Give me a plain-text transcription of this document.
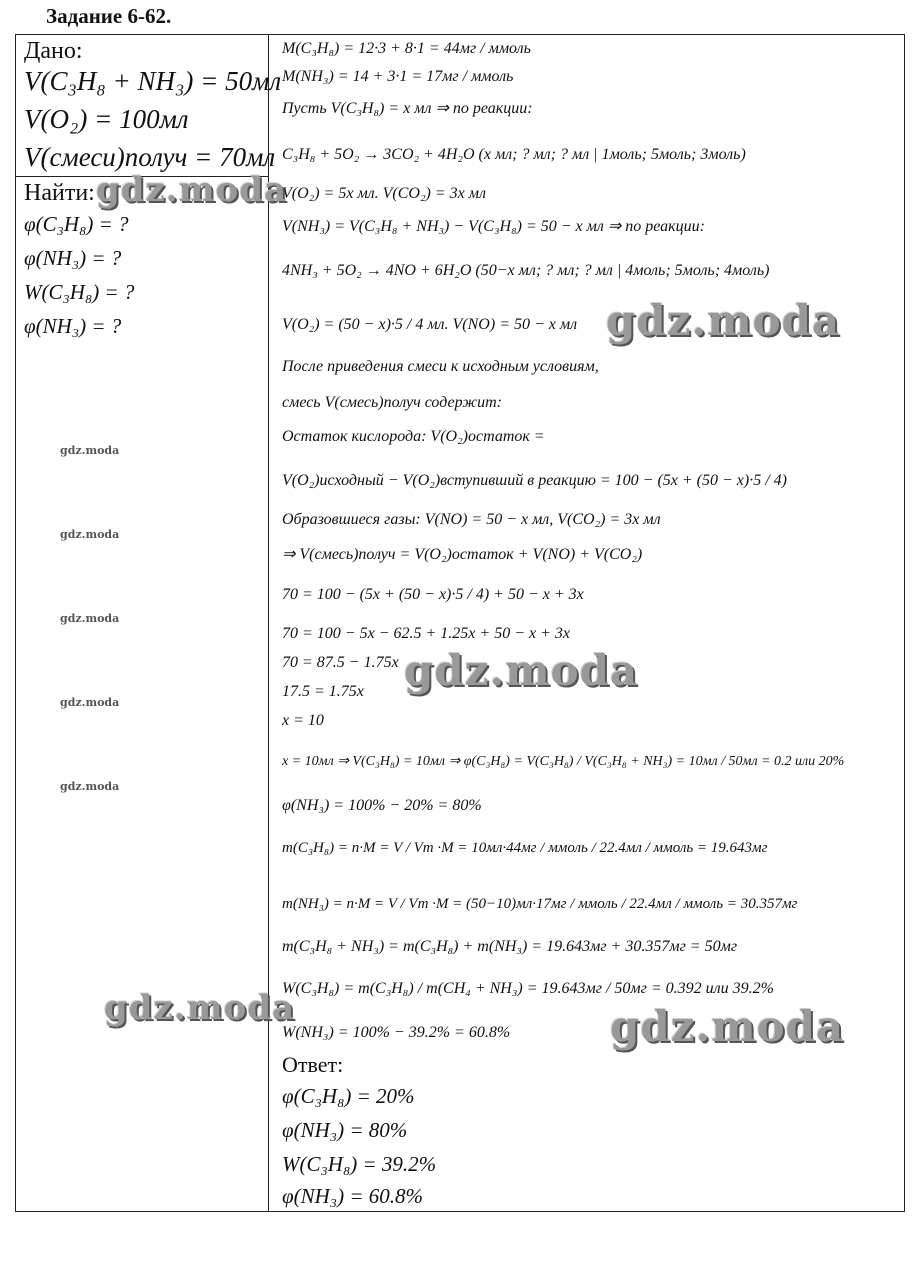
Задание 6-62.
Дано:
V(C₃H₈ + NH₃) = 50мл
V(O₂) = 100мл
V(смеси)получ = 70мл
Найти:
φ(C₃H₈) = ?
φ(NH₃) = ?
W(C₃H₈) = ?
φ(NH₃) = ?
M(C₃H₈) = 12·3 + 8·1 = 44мг / ммоль
M(NH₃) = 14 + 3·1 = 17мг / ммоль
Пусть V(C₃H₈) = x мл ⇒ по реакции:
C₃H₈ + 5O₂ → 3CO₂ + 4H₂O (x мл; ? мл; ? мл | 1моль; 5моль; 3моль)
V(O₂) = 5x мл. V(CO₂) = 3x мл
V(NH₃) = V(C₃H₈ + NH₃) − V(C₃H₈) = 50 − x мл ⇒ по реакции:
4NH₃ + 5O₂ → 4NO + 6H₂O (50−x мл; ? мл; ? мл | 4моль; 5моль; 4моль)
V(O₂) = (50 − x)·5 / 4 мл. V(NO) = 50 − x мл
После приведения смеси к исходным условиям,
смесь V(смесь)получ содержит:
Остаток кислорода: V(O₂)остаток =
V(O₂)исходный − V(O₂)вступивший в реакцию = 100 − (5x + (50 − x)·5 / 4)
Образовшиеся газы: V(NO) = 50 − x мл, V(CO₂) = 3x мл
⇒ V(смесь)получ = V(O₂)остаток + V(NO) + V(CO₂)
70 = 100 − (5x + (50 − x)·5 / 4) + 50 − x + 3x
70 = 100 − 5x − 62.5 + 1.25x + 50 − x + 3x
70 = 87.5 − 1.75x
17.5 = 1.75x
x = 10
x = 10мл ⇒ V(C₃H₈) = 10мл ⇒ φ(C₃H₈) = V(C₃H₈) / V(C₃H₈ + NH₃) = 10мл / 50мл = 0.2 или 20%
φ(NH₃) = 100% − 20% = 80%
m(C₃H₈) = n·M = V / Vm ·M = 10мл·44мг / ммоль / 22.4мл / ммоль = 19.643мг
m(NH₃) = n·M = V / Vm ·M = (50−10)мл·17мг / ммоль / 22.4мл / ммоль = 30.357мг
m(C₃H₈ + NH₃) = m(C₃H₈) + m(NH₃) = 19.643мг + 30.357мг = 50мг
W(C₃H₈) = m(C₃H₈) / m(CH₄ + NH₃) = 19.643мг / 50мг = 0.392 или 39.2%
W(NH₃) = 100% − 39.2% = 60.8%
Ответ:
φ(C₃H₈) = 20%
φ(NH₃) = 80%
W(C₃H₈) = 39.2%
φ(NH₃) = 60.8%
gdz.moda
gdz.moda
gdz.moda
gdz.moda	gdz.moda
gdz.moda
gdz.moda
gdz.moda
gdz.moda
gdz.moda
